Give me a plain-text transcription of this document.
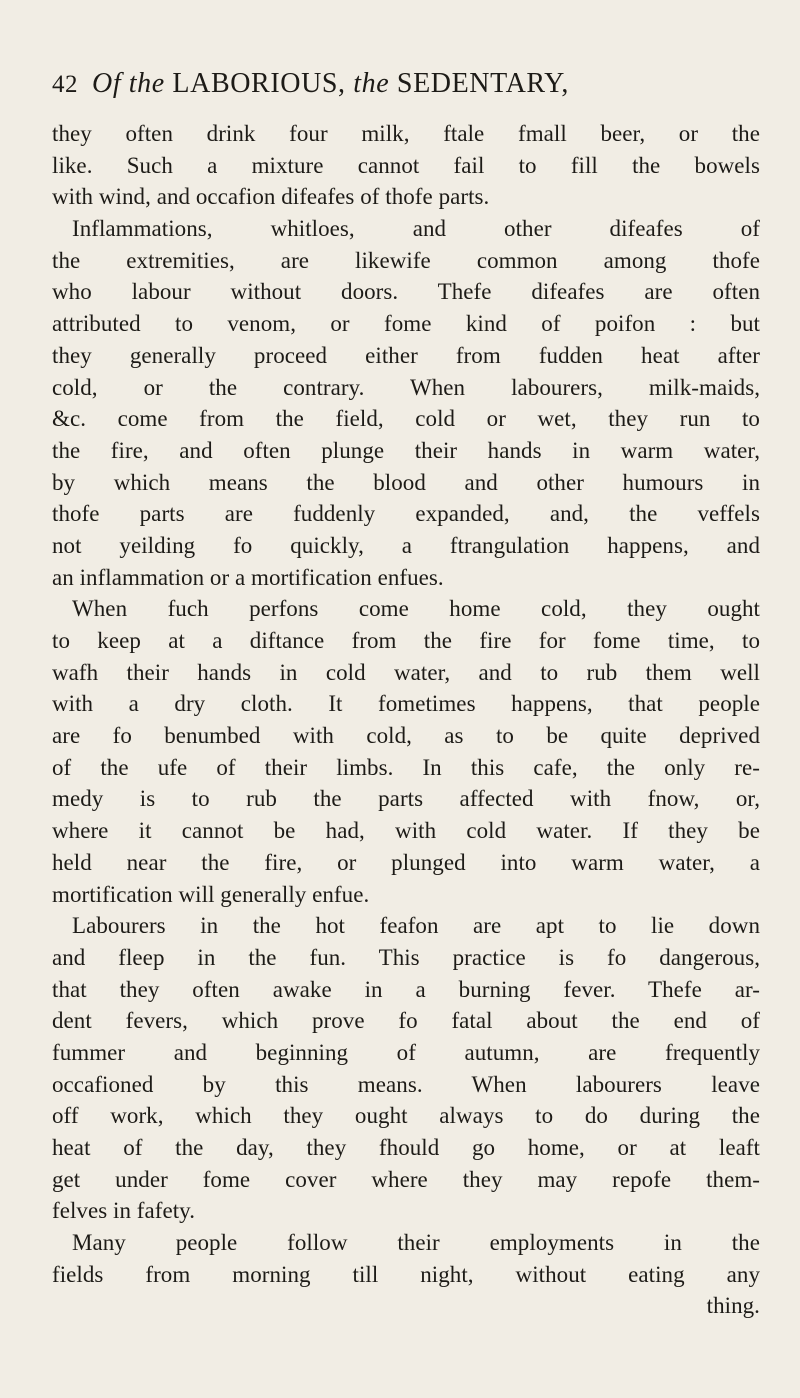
42 Of the LABORIOUS, the SEDENTARY,
they often drink four milk, ftale fmall beer, or the
like. Such a mixture cannot fail to fill the bowels
with wind, and occafion difeafes of thofe parts.
Inflammations, whitloes, and other difeafes of
the extremities, are likewife common among thofe
who labour without doors. Thefe difeafes are often
attributed to venom, or fome kind of poifon : but
they generally proceed either from fudden heat after
cold, or the contrary. When labourers, milk-maids,
&c. come from the field, cold or wet, they run to
the fire, and often plunge their hands in warm water,
by which means the blood and other humours in
thofe parts are fuddenly expanded, and, the veffels
not yeilding fo quickly, a ftrangulation happens, and
an inflammation or a mortification enfues.
When fuch perfons come home cold, they ought
to keep at a diftance from the fire for fome time, to
wafh their hands in cold water, and to rub them well
with a dry cloth. It fometimes happens, that people
are fo benumbed with cold, as to be quite deprived
of the ufe of their limbs. In this cafe, the only re-
medy is to rub the parts affected with fnow, or,
where it cannot be had, with cold water. If they be
held near the fire, or plunged into warm water, a
mortification will generally enfue.
Labourers in the hot feafon are apt to lie down
and fleep in the fun. This practice is fo dangerous,
that they often awake in a burning fever. Thefe ar-
dent fevers, which prove fo fatal about the end of
fummer and beginning of autumn, are frequently
occafioned by this means. When labourers leave
off work, which they ought always to do during the
heat of the day, they fhould go home, or at leaft
get under fome cover where they may repofe them-
felves in fafety.
Many people follow their employments in the
fields from morning till night, without eating any
thing.
